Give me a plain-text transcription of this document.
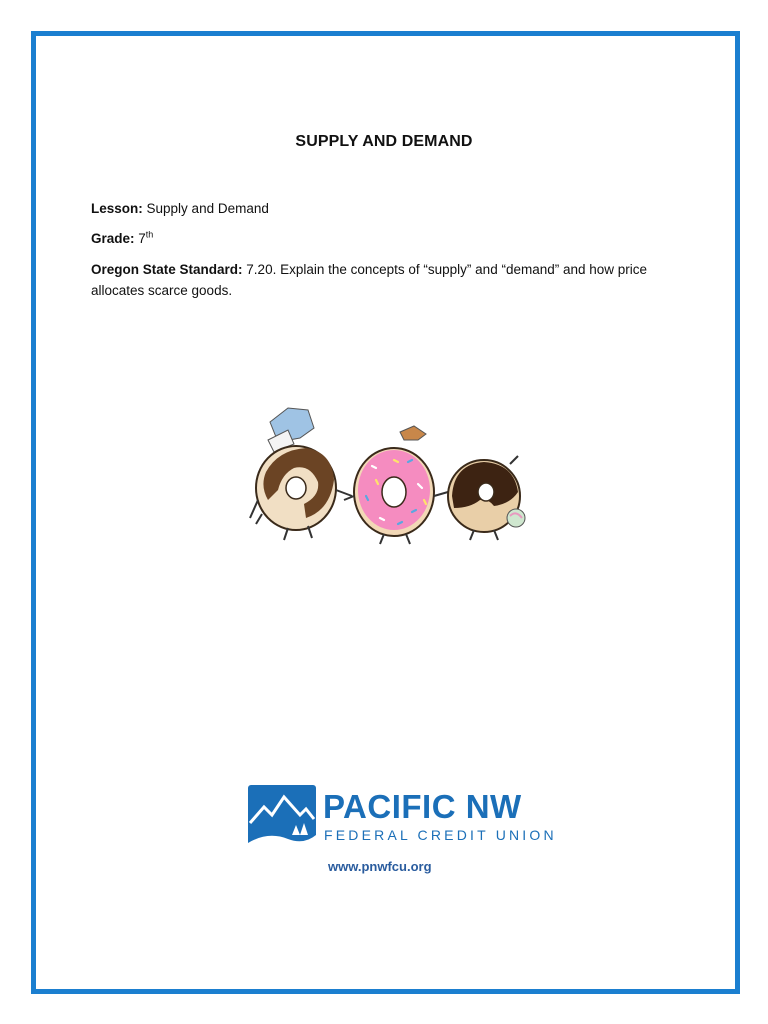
SUPPLY AND DEMAND
Lesson: Supply and Demand
Grade: 7th
Oregon State Standard: 7.20. Explain the concepts of “supply” and “demand” and how price allocates scarce goods.
PACIFIC NW
FEDERAL CREDIT UNION
www.pnwfcu.org
